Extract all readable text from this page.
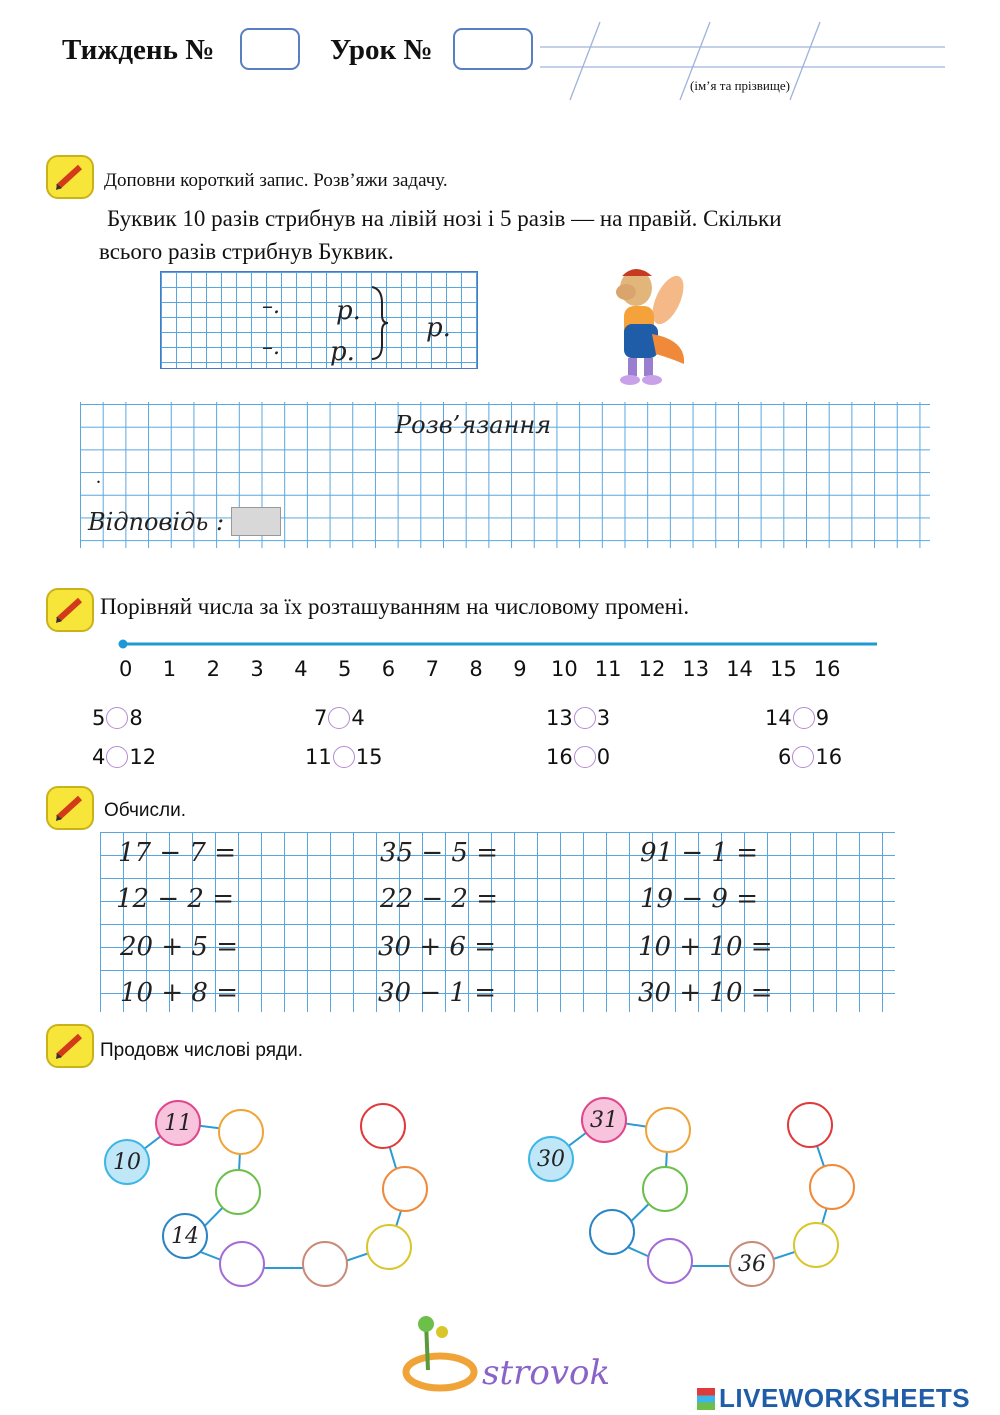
Тиждень №	Урок №
(ім’я та прізвище)
Доповни короткий запис. Розв’яжи задачу.
Буквик 10 разів стрибнув на лівій нозі і 5 разів — на правій. Скільки
всього разів стрибнув Буквик.
–. р.
–. р.
р.
Розв’язання
.
Відповідь :
Порівняй числа за їх розташуванням на числовому промені.
0 1 2 3 4 5 6 7 8 9 10 11 12 13 14 15 16
5 8	7 4	13 3	14 9
4 12	11 15	16 0	6 16
Обчисли.
17 − 7 =	35 − 5 =	91 − 1 =
12 − 2 =	22 − 2 =	19 − 9 =
20 + 5 =	30 + 6 =	10 + 10 =
10 + 8 =	30 − 1 =	30 + 10 =
Продовж числові ряди.
10
11
14
30
31
36
strovok
LIVEWORKSHEETS
